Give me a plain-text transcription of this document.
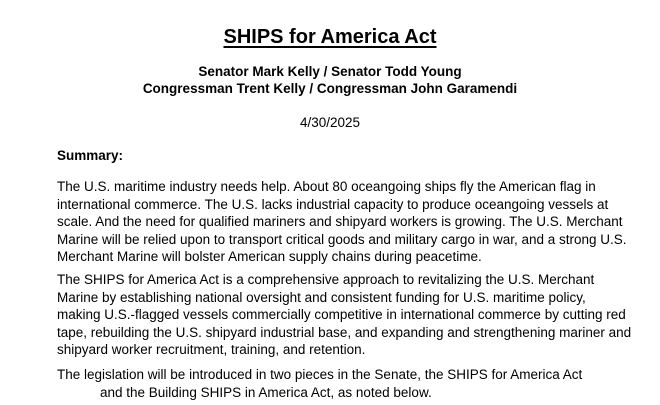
SHIPS for America Act
Senator Mark Kelly / Senator Todd Young
Congressman Trent Kelly / Congressman John Garamendi
4/30/2025
Summary:
The U.S. maritime industry needs help. About 80 oceangoing ships fly the American flag in
international commerce. The U.S. lacks industrial capacity to produce oceangoing vessels at
scale. And the need for qualified mariners and shipyard workers is growing. The U.S. Merchant
Marine will be relied upon to transport critical goods and military cargo in war, and a strong U.S.
Merchant Marine will bolster American supply chains during peacetime.
The SHIPS for America Act is a comprehensive approach to revitalizing the U.S. Merchant
Marine by establishing national oversight and consistent funding for U.S. maritime policy,
making U.S.-flagged vessels commercially competitive in international commerce by cutting red
tape, rebuilding the U.S. shipyard industrial base, and expanding and strengthening mariner and
shipyard worker recruitment, training, and retention.
The legislation will be introduced in two pieces in the Senate, the SHIPS for America Act
and the Building SHIPS in America Act, as noted below.
